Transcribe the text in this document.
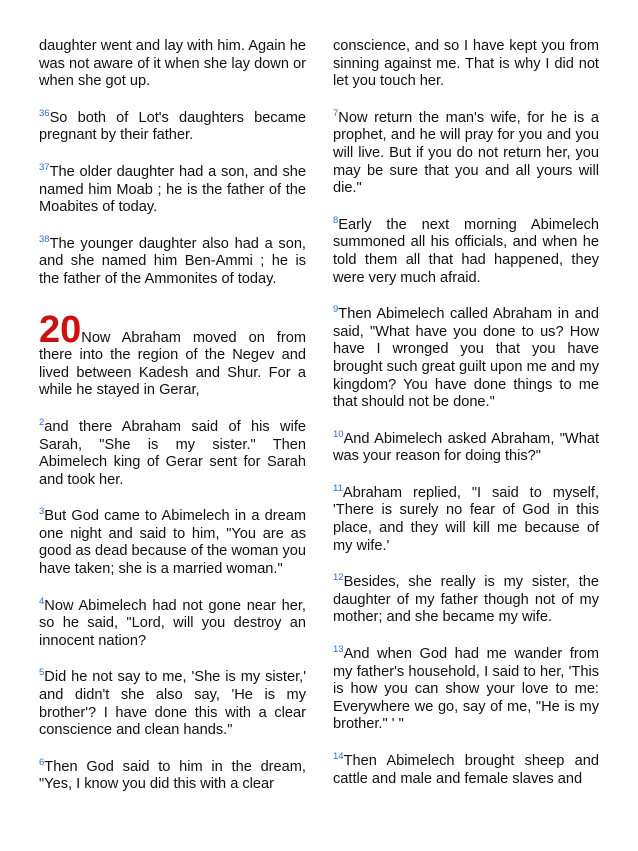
daughter went and lay with him. Again he was not aware of it when she lay down or when she got up.

$^{36}$So both of Lot's daughters became pregnant by their father.

$^{37}$The older daughter had a son, and she named him Moab ; he is the father of the Moabites of today.

$^{38}$The younger daughter also had a son, and she named him Ben-Ammi ; he is the father of the Ammonites of today.

20Now Abraham moved on from there into the region of the Negev and lived between Kadesh and Shur. For a while he stayed in Gerar,

$^2$and there Abraham said of his wife Sarah, "She is my sister." Then Abimelech king of Gerar sent for Sarah and took her.

$^3$But God came to Abimelech in a dream one night and said to him, "You are as good as dead because of the woman you have taken; she is a married woman."

$^4$Now Abimelech had not gone near her, so he said, "Lord, will you destroy an innocent nation?

$^5$Did he not say to me, 'She is my sister,' and didn't she also say, 'He is my brother'? I have done this with a clear conscience and clean hands."

$^6$Then God said to him in the dream, "Yes, I know you did this with a clear

conscience, and so I have kept you from sinning against me. That is why I did not let you touch her.

$^7$Now return the man's wife, for he is a prophet, and he will pray for you and you will live. But if you do not return her, you may be sure that you and all yours will die."

$^8$Early the next morning Abimelech summoned all his officials, and when he told them all that had happened, they were very much afraid.

$^9$Then Abimelech called Abraham in and said, "What have you done to us? How have I wronged you that you have brought such great guilt upon me and my kingdom? You have done things to me that should not be done."

$^{10}$And Abimelech asked Abraham, "What was your reason for doing this?"

$^{11}$Abraham replied, "I said to myself, 'There is surely no fear of God in this place, and they will kill me because of my wife.'

$^{12}$Besides, she really is my sister, the daughter of my father though not of my mother; and she became my wife.

$^{13}$And when God had me wander from my father's household, I said to her, 'This is how you can show your love to me: Everywhere we go, say of me, "He is my brother." ' "

$^{14}$Then Abimelech brought sheep and cattle and male and female slaves and
